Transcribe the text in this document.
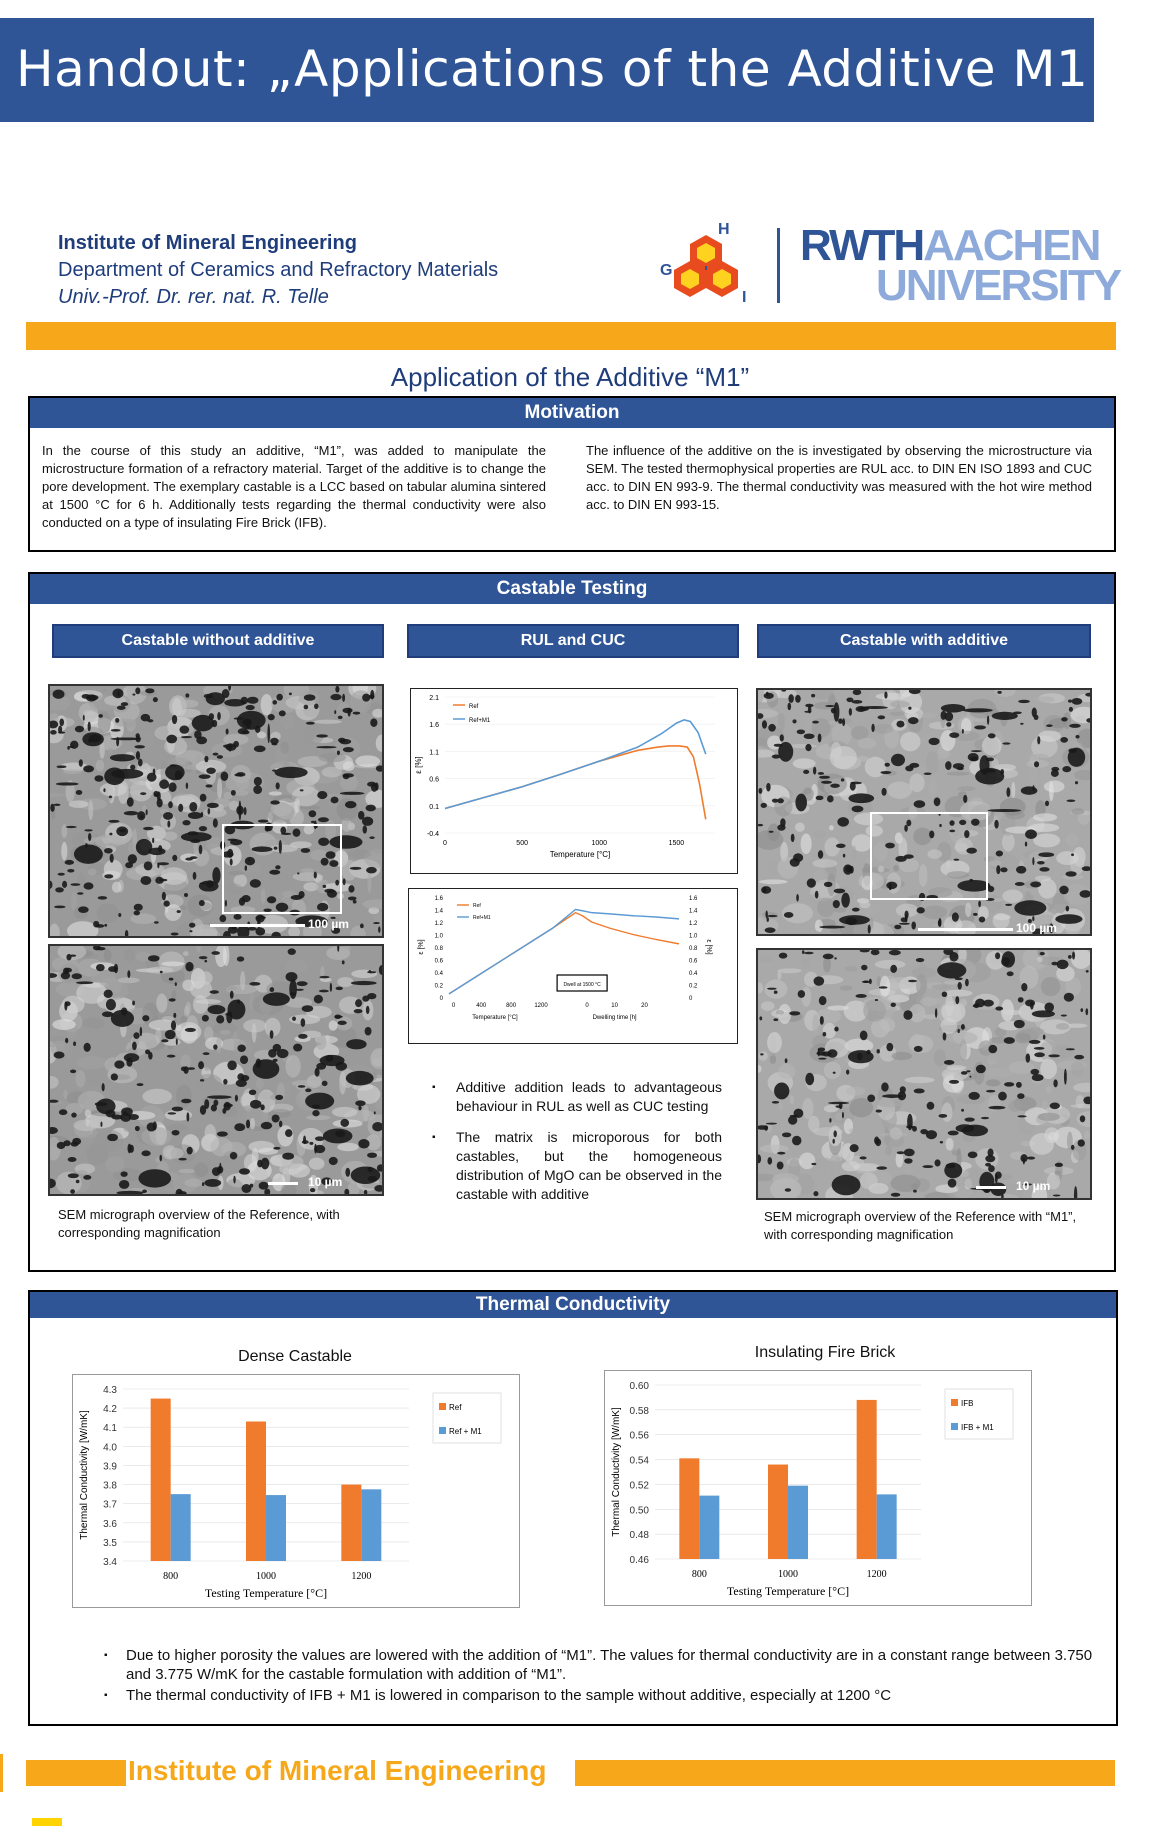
Handout: „Applications of the Additive M1
Institute of Mineral Engineering
Department of Ceramics and Refractory Materials
Univ.-Prof. Dr. rer. nat. R. Telle
G
H
I
RWTHAACHEN
UNIVERSITY
Application of the Additive “M1”
Motivation
In the course of this study an additive, “M1”, was added to manipulate the microstructure formation of a refractory material. Target of the additive is to change the pore development. The exemplary castable is a LCC based on tabular alumina sintered at 1500 °C for 6 h. Additionally tests regarding the thermal conductivity were also conducted on a type of insulating Fire Brick (IFB).
The influence of the additive on the is investigated by observing the microstructure via SEM. The tested thermophysical properties are RUL acc. to DIN EN ISO 1893 and CUC acc. to DIN EN 993-9. The thermal conductivity was measured with the hot wire method acc. to DIN EN 993-15.
Castable Testing
Castable without additive	RUL and CUC	Castable with additive
100 µm
10 µm
SEM micrograph overview of the Reference, with corresponding magnification
100 µm
10 µm
SEM micrograph overview of the Reference with “M1”, with corresponding magnification
2.1
1.6
1.1
0.6
0.1
-0.4
0	500	1000	1500
Temperature [°C]
ε [%]
Ref
Ref+M1
1.6
1.4
1.2
1.0
0.8
0.6
0.4
0.2
0
1.6
1.4
1.2
1.0
0.8
0.6
0.4
0.2
0
0	400	800	1200	0	10	20
Temperature [°C]	Dwelling time [h]
ε [%]	ε [%]
Ref
Ref+M1
Dwell at 1500 °C
▪ Additive addition leads to advantageous behaviour in RUL as well as CUC testing
▪ The matrix is microporous for both castables, but the homogeneous distribution of MgO can be observed in the castable with additive
Thermal Conductivity
Dense Castable
4.3
4.2
4.1
4.0
3.9
3.8
3.7
3.6
3.5
3.4
800	1000	1200
Testing Temperature [°C]
Thermal Conductivity [W/mK]
Ref
Ref + M1
Insulating Fire Brick
0.60
0.58
0.56
0.54
0.52
0.50
0.48
0.46
800	1000	1200
Testing Temperature [°C]
Thermal Conductivity [W/mK]
IFB
IFB + M1
▪ Due to higher porosity the values are lowered with the addition of “M1”. The values for thermal conductivity are in a constant range between 3.750 and 3.775 W/mK for the castable formulation with addition of “M1”.
▪ The thermal conductivity of IFB + M1 is lowered in comparison to the sample without additive, especially at 1200 °C
Institute of Mineral Engineering
